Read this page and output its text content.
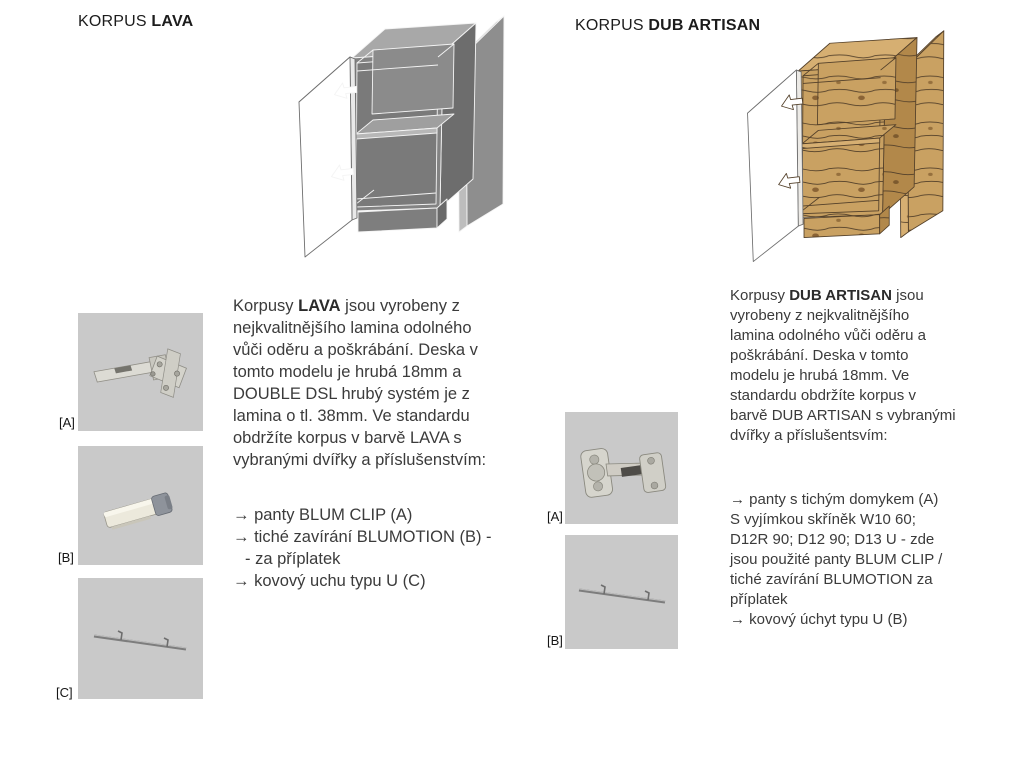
KORPUS LAVA
[A]
[B]
[C]
Korpusy LAVA jsou vyrobeny z
nejkvalitnějšího lamina odolného
vůči oděru a poškrábání. Deska v
tomto modelu je hrubá 18mm a
DOUBLE DSL hrubý systém je z
lamina o tl. 38mm. Ve standardu
obdržíte korpus v barvě LAVA s
vybranými dvířky a příslušenstvím:
→ panty BLUM CLIP (A)
→ tiché zavírání BLUMOTION (B) -
- za příplatek
→ kovový uchu typu U (C)
KORPUS DUB ARTISAN
[A]
[B]
Korpusy DUB ARTISAN jsou
vyrobeny z nejkvalitnějšího
lamina odolného vůči oděru a
poškrábání. Deska v tomto
modelu je hrubá 18mm. Ve
standardu obdržíte korpus v
barvě DUB ARTISAN s vybranými
dvířky a příslušentsvím:
→ panty s tichým domykem (A)
S vyjímkou skříněk W10 60;
D12R 90; D12 90; D13 U - zde
jsou použité panty BLUM CLIP /
tiché zavírání BLUMOTION za
příplatek
→ kovový úchyt typu U (B)
